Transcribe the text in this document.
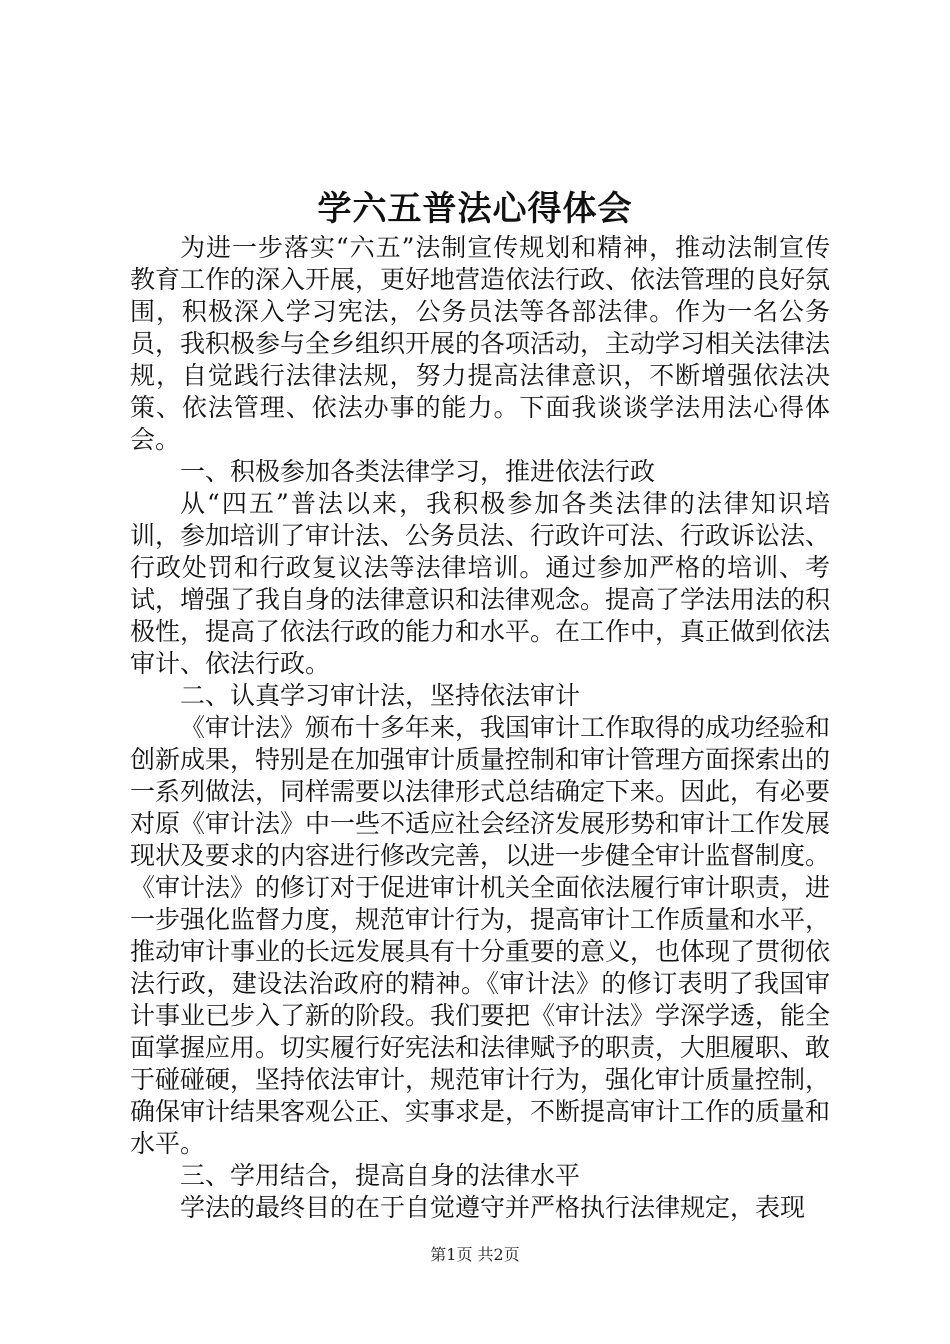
学六五普法心得体会

为进一步落实“六五”法制宣传规划和精神，推动法制宣传教育工作的深入开展，更好地营造依法行政、依法管理的良好氛围，积极深入学习宪法，公务员法等各部法律。作为一名公务员，我积极参与全乡组织开展的各项活动，主动学习相关法律法规，自觉践行法律法规，努力提高法律意识，不断增强依法决策、依法管理、依法办事的能力。下面我谈谈学法用法心得体会。

一、积极参加各类法律学习，推进依法行政

从“四五”普法以来，我积极参加各类法律的法律知识培训，参加培训了审计法、公务员法、行政许可法、行政诉讼法、行政处罚和行政复议法等法律培训。通过参加严格的培训、考试，增强了我自身的法律意识和法律观念。提高了学法用法的积极性，提高了依法行政的能力和水平。在工作中，真正做到依法审计、依法行政。

二、认真学习审计法，坚持依法审计

《审计法》颁布十多年来，我国审计工作取得的成功经验和创新成果，特别是在加强审计质量控制和审计管理方面探索出的一系列做法，同样需要以法律形式总结确定下来。因此，有必要对原《审计法》中一些不适应社会经济发展形势和审计工作发展现状及要求的内容进行修改完善，以进一步健全审计监督制度。《审计法》的修订对于促进审计机关全面依法履行审计职责，进一步强化监督力度，规范审计行为，提高审计工作质量和水平，推动审计事业的长远发展具有十分重要的意义，也体现了贯彻依法行政，建设法治政府的精神。《审计法》的修订表明了我国审计事业已步入了新的阶段。我们要把《审计法》学深学透，能全面掌握应用。切实履行好宪法和法律赋予的职责，大胆履职、敢于碰碰硬，坚持依法审计，规范审计行为，强化审计质量控制，确保审计结果客观公正、实事求是，不断提高审计工作的质量和水平。

三、学用结合，提高自身的法律水平

学法的最终目的在于自觉遵守并严格执行法律规定，表现

第1页 共2页
